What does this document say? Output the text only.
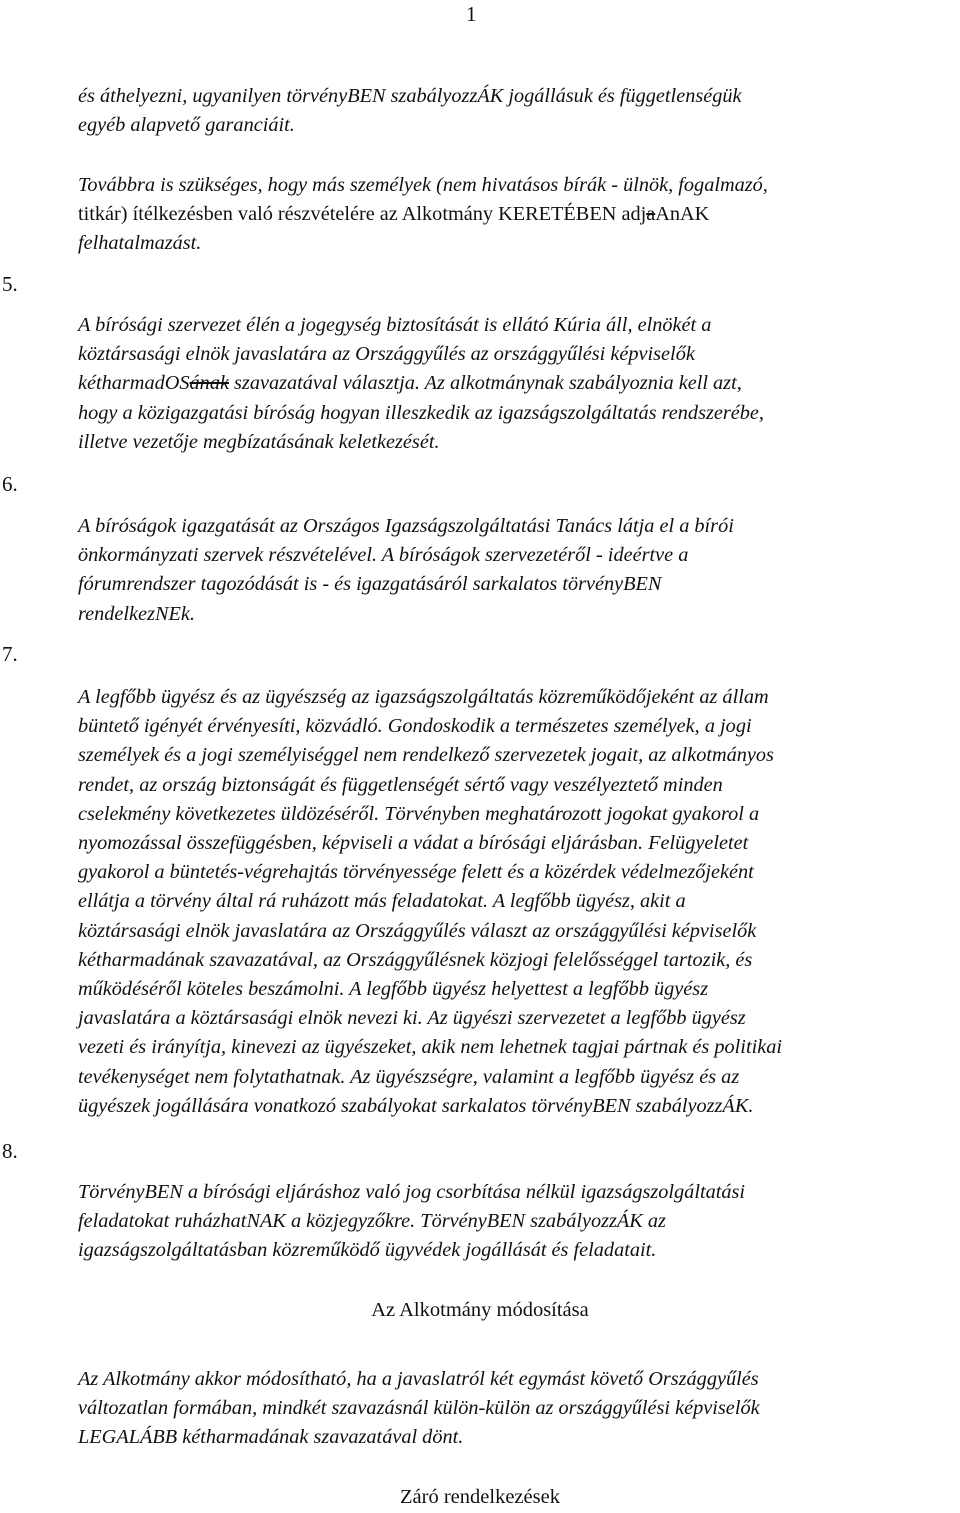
1
5.
6.
7.
8.
és áthelyezni, ugyanilyen törvényBEN szabályozzÁK jogállásuk és függetlenségük
egyéb alapvető garanciáit.
Továbbra is szükséges, hogy más személyek (nem hivatásos bírák - ülnök, fogalmazó,
titkár) ítélkezésben való részvételére az Alkotmány KERETÉBEN adjaAnAK
felhatalmazást.
A bírósági szervezet élén a jogegység biztosítását is ellátó Kúria áll, elnökét a
köztársasági elnök javaslatára az Országgyűlés az országgyűlési képviselők
kétharmadOSának szavazatával választja. Az alkotmánynak szabályoznia kell azt,
hogy a közigazgatási bíróság hogyan illeszkedik az igazságszolgáltatás rendszerébe,
illetve vezetője megbízatásának keletkezését.
A bíróságok igazgatását az Országos Igazságszolgáltatási Tanács látja el a bírói
önkormányzati szervek részvételével. A bíróságok szervezetéről - ideértve a
fórumrendszer tagozódását is - és igazgatásáról sarkalatos törvényBEN
rendelkezNEk.
A legfőbb ügyész és az ügyészség az igazságszolgáltatás közreműködőjeként az állam
büntető igényét érvényesíti, közvádló. Gondoskodik a természetes személyek, a jogi
személyek és a jogi személyiséggel nem rendelkező szervezetek jogait, az alkotmányos
rendet, az ország biztonságát és függetlenségét sértő vagy veszélyeztető minden
cselekmény következetes üldözéséről. Törvényben meghatározott jogokat gyakorol a
nyomozással összefüggésben, képviseli a vádat a bírósági eljárásban. Felügyeletet
gyakorol a büntetés-végrehajtás törvényessége felett és a közérdek védelmezőjeként
ellátja a törvény által rá ruházott más feladatokat. A legfőbb ügyész, akit a
köztársasági elnök javaslatára az Országgyűlés választ az országgyűlési képviselők
kétharmadának szavazatával, az Országgyűlésnek közjogi felelősséggel tartozik, és
működéséről köteles beszámolni. A legfőbb ügyész helyettest a legfőbb ügyész
javaslatára a köztársasági elnök nevezi ki. Az ügyészi szervezetet a legfőbb ügyész
vezeti és irányítja, kinevezi az ügyészeket, akik nem lehetnek tagjai pártnak és politikai
tevékenységet nem folytathatnak. Az ügyészségre, valamint a legfőbb ügyész és az
ügyészek jogállására vonatkozó szabályokat sarkalatos törvényBEN szabályozzÁK.
TörvényBEN a bírósági eljáráshoz való jog csorbítása nélkül igazságszolgáltatási
feladatokat ruházhatNAK a közjegyzőkre. TörvényBEN szabályozzÁK az
igazságszolgáltatásban közreműködő ügyvédek jogállását és feladatait.
Az Alkotmány módosítása
Az Alkotmány akkor módosítható, ha a javaslatról két egymást követő Országgyűlés
változatlan formában, mindkét szavazásnál külön-külön az országgyűlési képviselők
LEGALÁBB kétharmadának szavazatával dönt.
Záró rendelkezések
